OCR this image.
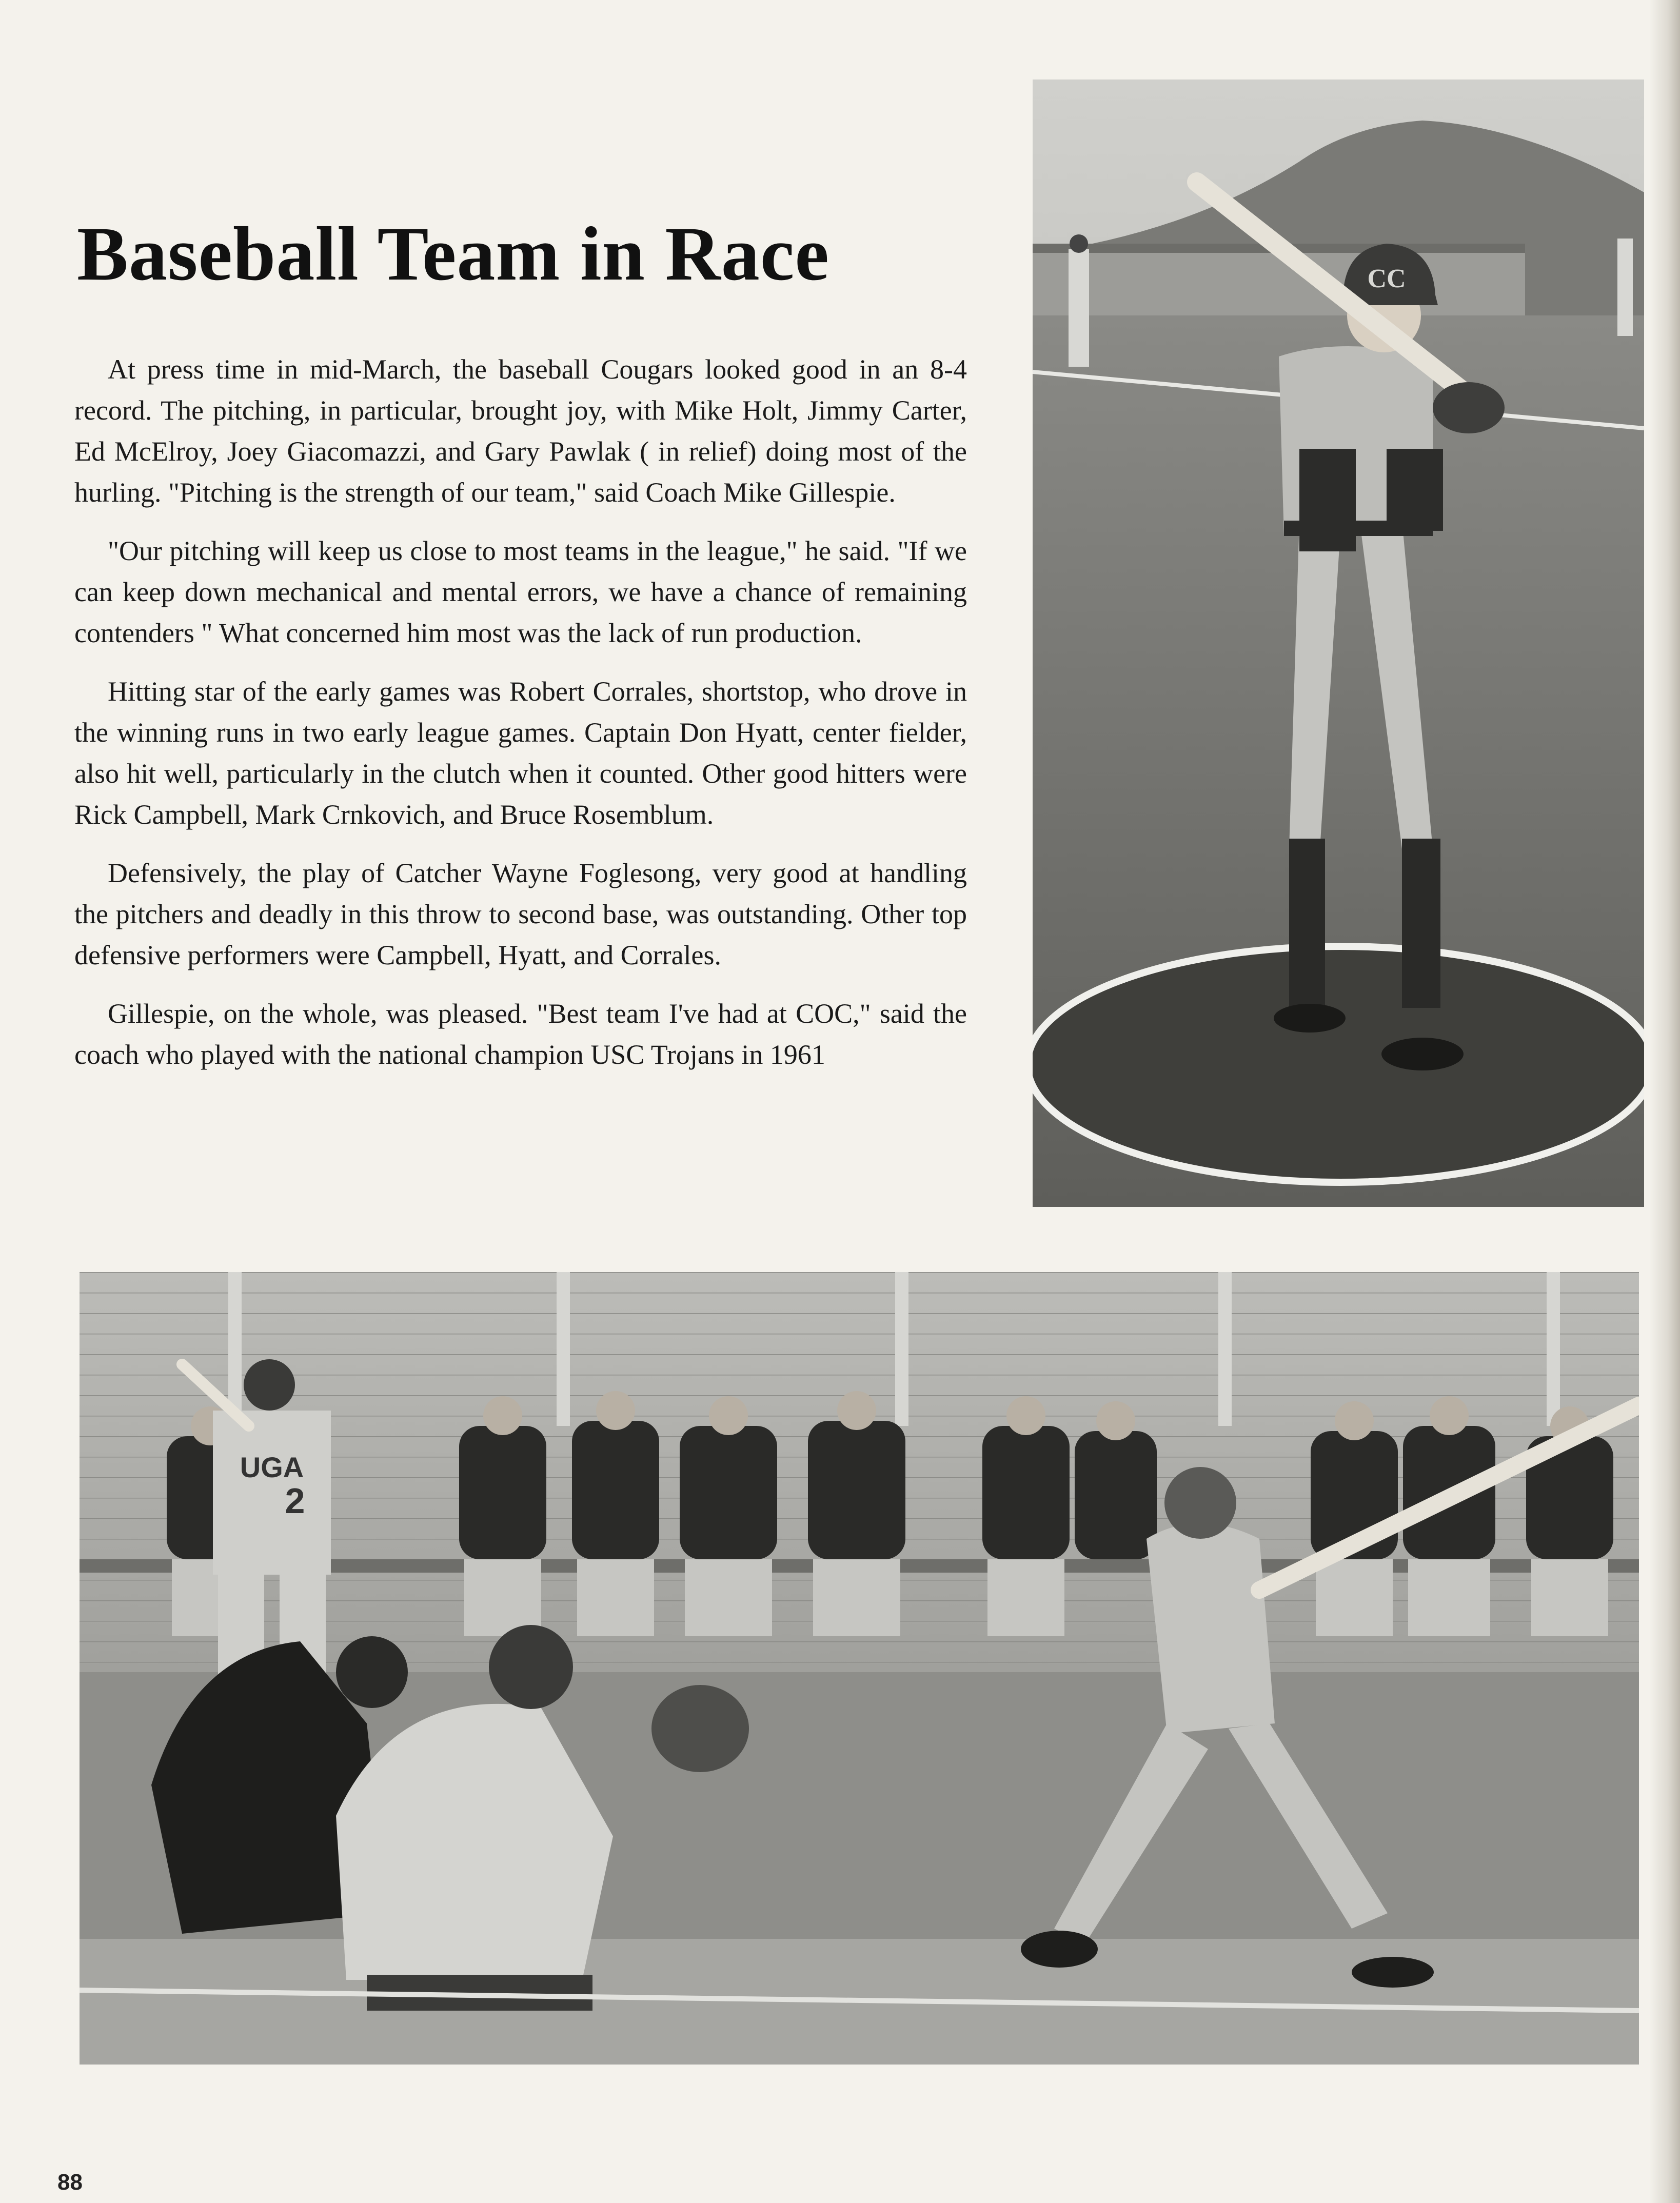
Baseball Team in Race

At press time in mid-March, the baseball Cougars looked good in an 8-4 record. The pitching, in particular, brought joy, with Mike Holt, Jimmy Carter, Ed McElroy, Joey Giacomazzi, and Gary Pawlak ( in relief) doing most of the hurling. "Pitching is the strength of our team," said Coach Mike Gillespie.

"Our pitching will keep us close to most teams in the league," he said. "If we can keep down mechanical and mental errors, we have a chance of remaining contenders " What concerned him most was the lack of run production.

Hitting star of the early games was Robert Corrales, shortstop, who drove in the winning runs in two early league games. Captain Don Hyatt, center fielder, also hit well, particularly in the clutch when it counted. Other good hitters were Rick Campbell, Mark Crnkovich, and Bruce Rosemblum.

Defensively, the play of Catcher Wayne Foglesong, very good at handling the pitchers and deadly in this throw to second base, was outstanding. Other top defensive performers were Campbell, Hyatt, and Corrales.

Gillespie, on the whole, was pleased. "Best team I've had at COC," said the coach who played with the national champion USC Trojans in 1961

CC
UGA
2
88
